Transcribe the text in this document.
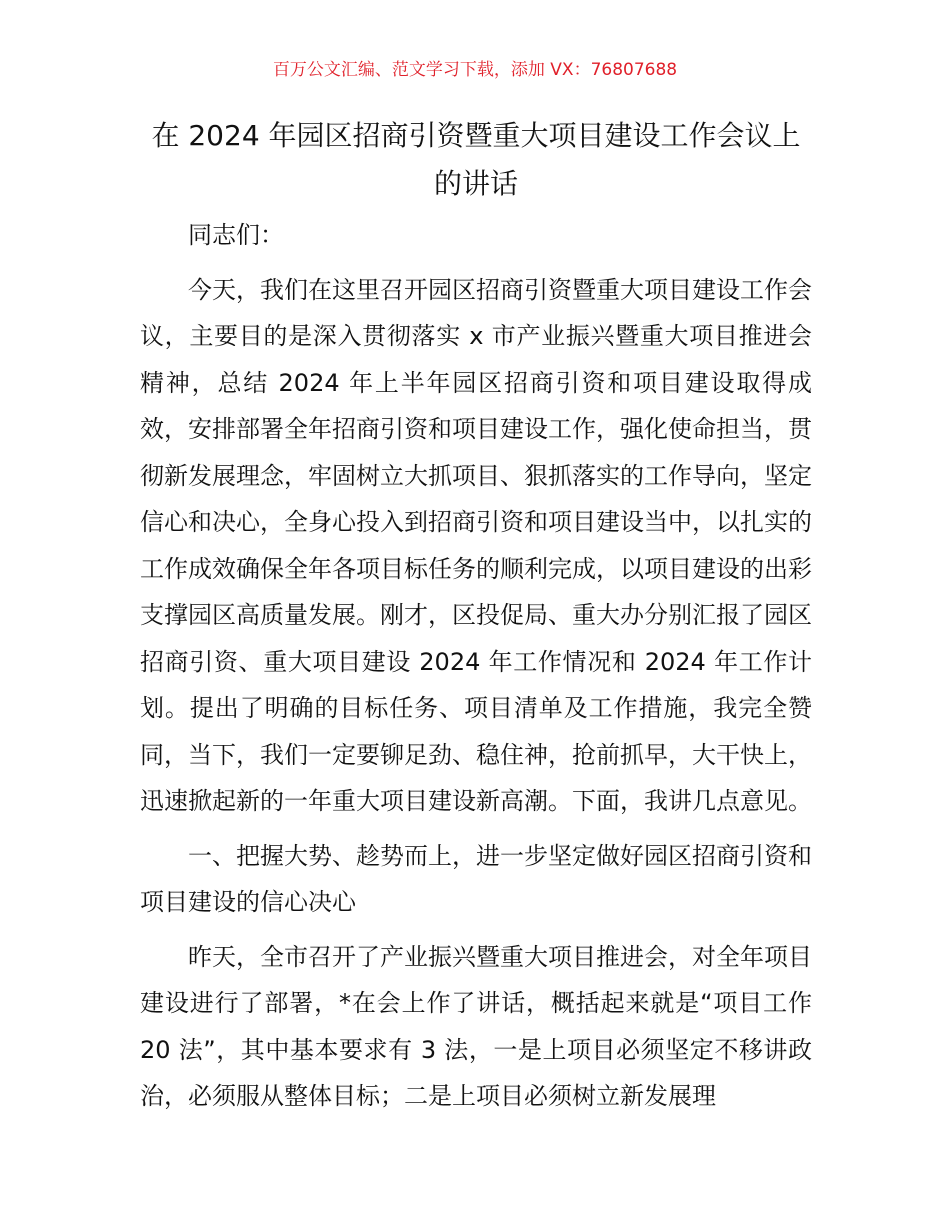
百万公文汇编、范文学习下载，添加 VX：76807688
在 2024 年园区招商引资暨重大项目建设工作会议上的讲话

同志们：

今天，我们在这里召开园区招商引资暨重大项目建设工作会议，主要目的是深入贯彻落实 x 市产业振兴暨重大项目推进会精神，总结 2024 年上半年园区招商引资和项目建设取得成效，安排部署全年招商引资和项目建设工作，强化使命担当，贯彻新发展理念，牢固树立大抓项目、狠抓落实的工作导向，坚定信心和决心，全身心投入到招商引资和项目建设当中，以扎实的工作成效确保全年各项目标任务的顺利完成，以项目建设的出彩支撑园区高质量发展。刚才，区投促局、重大办分别汇报了园区招商引资、重大项目建设 2024 年工作情况和 2024 年工作计划。提出了明确的目标任务、项目清单及工作措施，我完全赞同，当下，我们一定要铆足劲、稳住神，抢前抓早，大干快上，迅速掀起新的一年重大项目建设新高潮。下面，我讲几点意见。

一、把握大势、趁势而上，进一步坚定做好园区招商引资和项目建设的信心决心

昨天，全市召开了产业振兴暨重大项目推进会，对全年项目建设进行了部署，*在会上作了讲话，概括起来就是“项目工作 20 法”，其中基本要求有 3 法，一是上项目必须坚定不移讲政治，必须服从整体目标；二是上项目必须树立新发展理
